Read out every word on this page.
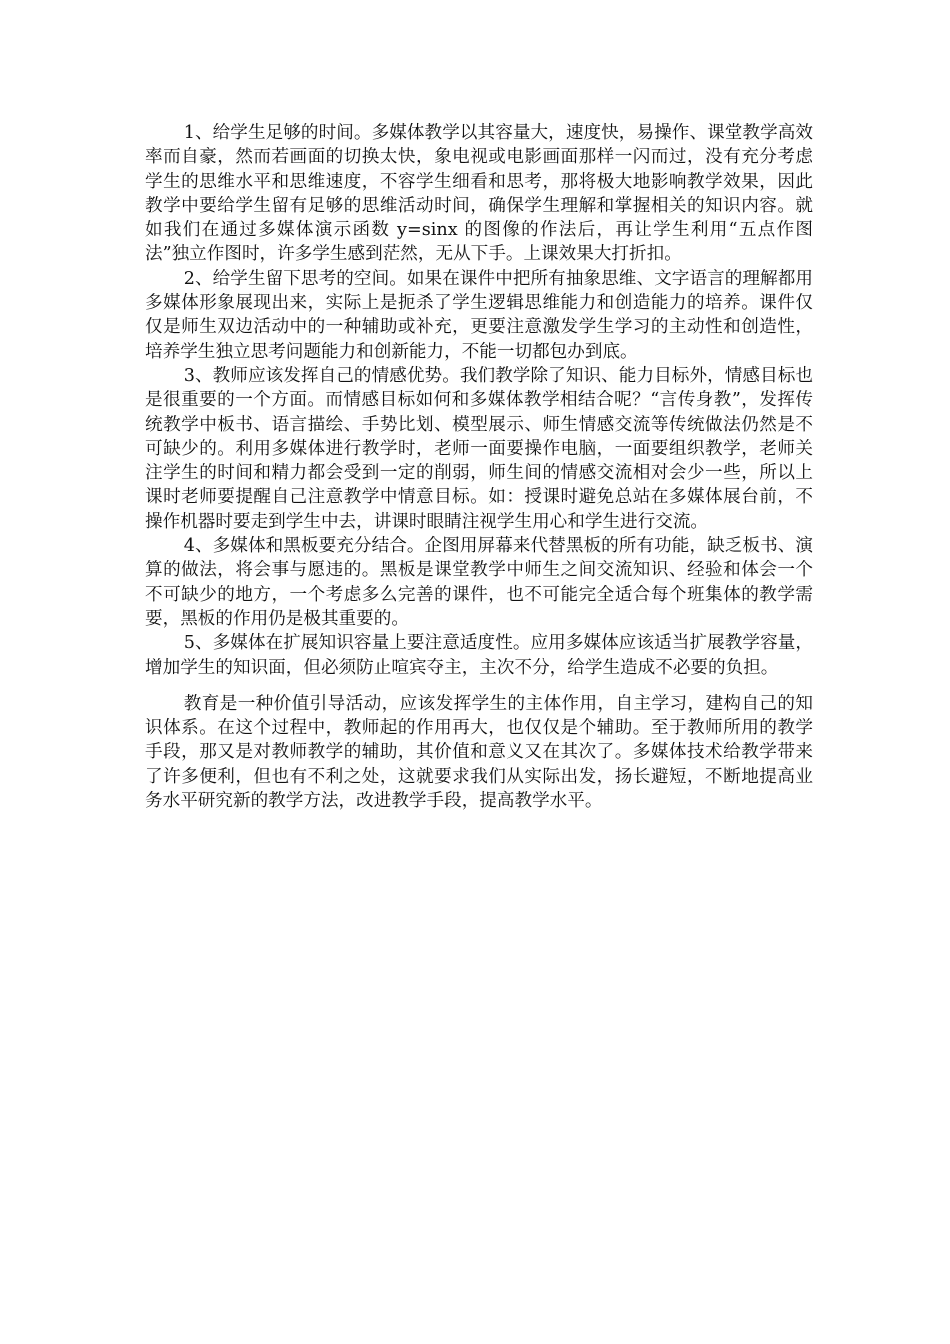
1、给学生足够的时间。多媒体教学以其容量大，速度快，易操作、课堂教学高效率而自豪，然而若画面的切换太快，象电视或电影画面那样一闪而过，没有充分考虑学生的思维水平和思维速度，不容学生细看和思考，那将极大地影响教学效果，因此教学中要给学生留有足够的思维活动时间，确保学生理解和掌握相关的知识内容。就如我们在通过多媒体演示函数 y=sinx 的图像的作法后，再让学生利用“五点作图法”独立作图时，许多学生感到茫然，无从下手。上课效果大打折扣。

2、给学生留下思考的空间。如果在课件中把所有抽象思维、文字语言的理解都用多媒体形象展现出来，实际上是扼杀了学生逻辑思维能力和创造能力的培养。课件仅仅是师生双边活动中的一种辅助或补充，更要注意激发学生学习的主动性和创造性，培养学生独立思考问题能力和创新能力，不能一切都包办到底。

3、教师应该发挥自己的情感优势。我们教学除了知识、能力目标外，情感目标也是很重要的一个方面。而情感目标如何和多媒体教学相结合呢？“言传身教”，发挥传统教学中板书、语言描绘、手势比划、模型展示、师生情感交流等传统做法仍然是不可缺少的。利用多媒体进行教学时，老师一面要操作电脑，一面要组织教学，老师关注学生的时间和精力都会受到一定的削弱，师生间的情感交流相对会少一些，所以上课时老师要提醒自己注意教学中情意目标。如：授课时避免总站在多媒体展台前，不操作机器时要走到学生中去，讲课时眼睛注视学生用心和学生进行交流。

4、多媒体和黑板要充分结合。企图用屏幕来代替黑板的所有功能，缺乏板书、演算的做法，将会事与愿违的。黑板是课堂教学中师生之间交流知识、经验和体会一个不可缺少的地方，一个考虑多么完善的课件，也不可能完全适合每个班集体的教学需要，黑板的作用仍是极其重要的。

5、多媒体在扩展知识容量上要注意适度性。应用多媒体应该适当扩展教学容量，增加学生的知识面，但必须防止喧宾夺主，主次不分，给学生造成不必要的负担。

教育是一种价值引导活动，应该发挥学生的主体作用，自主学习，建构自己的知识体系。在这个过程中，教师起的作用再大，也仅仅是个辅助。至于教师所用的教学手段，那又是对教师教学的辅助，其价值和意义又在其次了。多媒体技术给教学带来了许多便利，但也有不利之处，这就要求我们从实际出发，扬长避短，不断地提高业务水平研究新的教学方法，改进教学手段，提高教学水平。
